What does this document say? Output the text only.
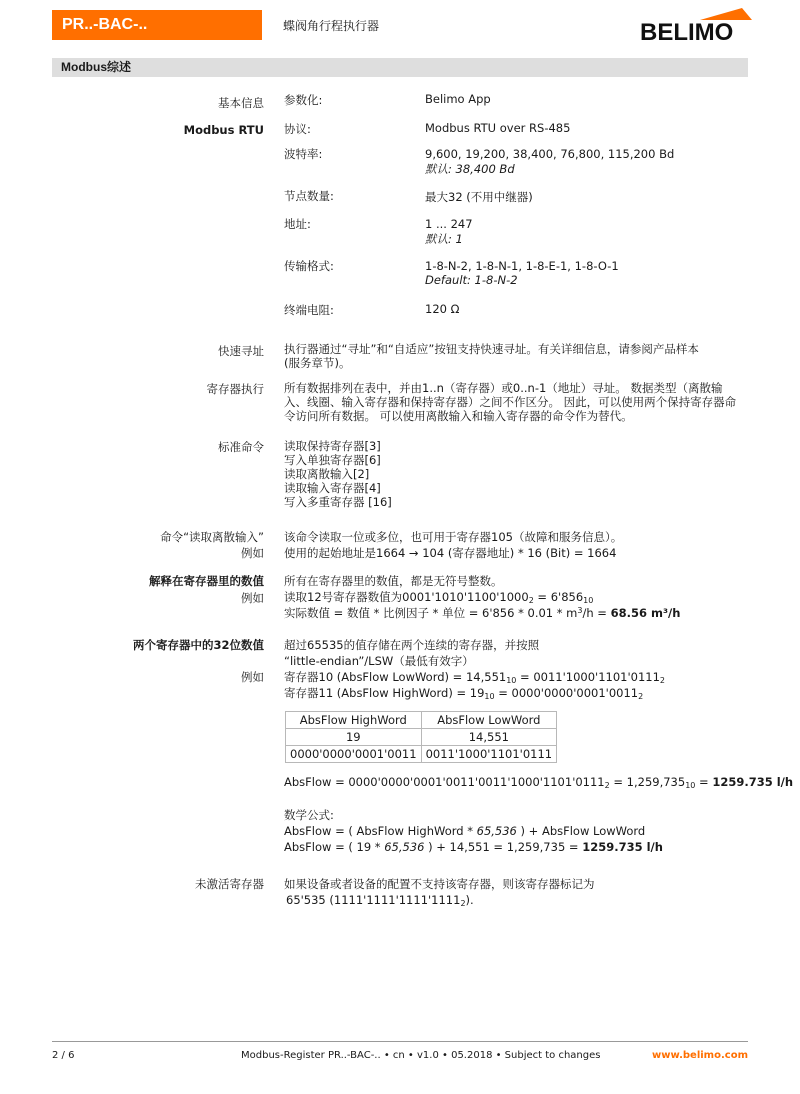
PR..-BAC-..	蝶阀角行程执行器	BELIMO
Modbus综述
基本信息 参数化:	Belimo App
Modbus RTU 协议:	Modbus RTU over RS-485
波特率:	9,600, 19,200, 38,400, 76,800, 115,200 Bd
默认: 38,400 Bd
节点数量:	最大32 (不用中继器)
地址:	1 ... 247
默认: 1
传输格式:	1-8-N-2, 1-8-N-1, 1-8-E-1, 1-8-O-1
Default: 1-8-N-2
终端电阻:	120 Ω
快速寻址 执行器通过“寻址”和“自适应”按钮支持快速寻址。有关详细信息，请参阅产品样本
(服务章节)。
寄存器执行 所有数据排列在表中，并由1..n（寄存器）或0..n-1（地址）寻址。 数据类型（离散输
入、线圈、输入寄存器和保持寄存器）之间不作区分。 因此，可以使用两个保持寄存器命
令访问所有数据。 可以使用离散输入和输入寄存器的命令作为替代。
标准命令 读取保持寄存器[3]
写入单独寄存器[6]
读取离散输入[2]
读取输入寄存器[4]
写入多重寄存器 [16]
命令“读取离散输入”
例如
该命令读取一位或多位，也可用于寄存器105（故障和服务信息）。
使用的起始地址是1664 → 104 (寄存器地址) * 16 (Bit) = 1664
解释在寄存器里的数值
例如
所有在寄存器里的数值，都是无符号整数。
读取12号寄存器数值为$0001'1010'1100'1000_2 = 6'856_{10}$
实际数值 = 数值 * 比例因子 * 单位 = $6'856 * 0.01 * m^3/h = 68.56$ m³/h
两个寄存器中的32位数值
例如
超过65535的值存储在两个连续的寄存器，并按照
“little-endian”/LSW（最低有效字）
寄存器10 (AbsFlow LowWord) = $14,551_{10} = 0011'1000'1101'0111_2$
寄存器11 (AbsFlow HighWord) = $19_{10} = 0000'0000'0001'0011_2$
AbsFlow HighWord	AbsFlow LowWord
19	14,551
0000'0000'0001'0011	0011'1000'1101'0111
AbsFlow = $0000'0000'0001'0011'0011'1000'1101'0111_2 = 1,259,735_{10} = 1259.735$ l/h
数学公式:
AbsFlow = ( AbsFlow HighWord * 65,536 ) + AbsFlow LowWord
AbsFlow = ( 19 * 65,536 ) + 14,551 = 1,259,735 = 1259.735 l/h
未激活寄存器 如果设备或者设备的配置不支持该寄存器，则该寄存器标记为
65'535 $(1111'1111'1111'1111_2)$.
2 / 6	Modbus-Register PR..-BAC-.. • cn • v1.0 • 05.2018 • Subject to changes	www.belimo.com
